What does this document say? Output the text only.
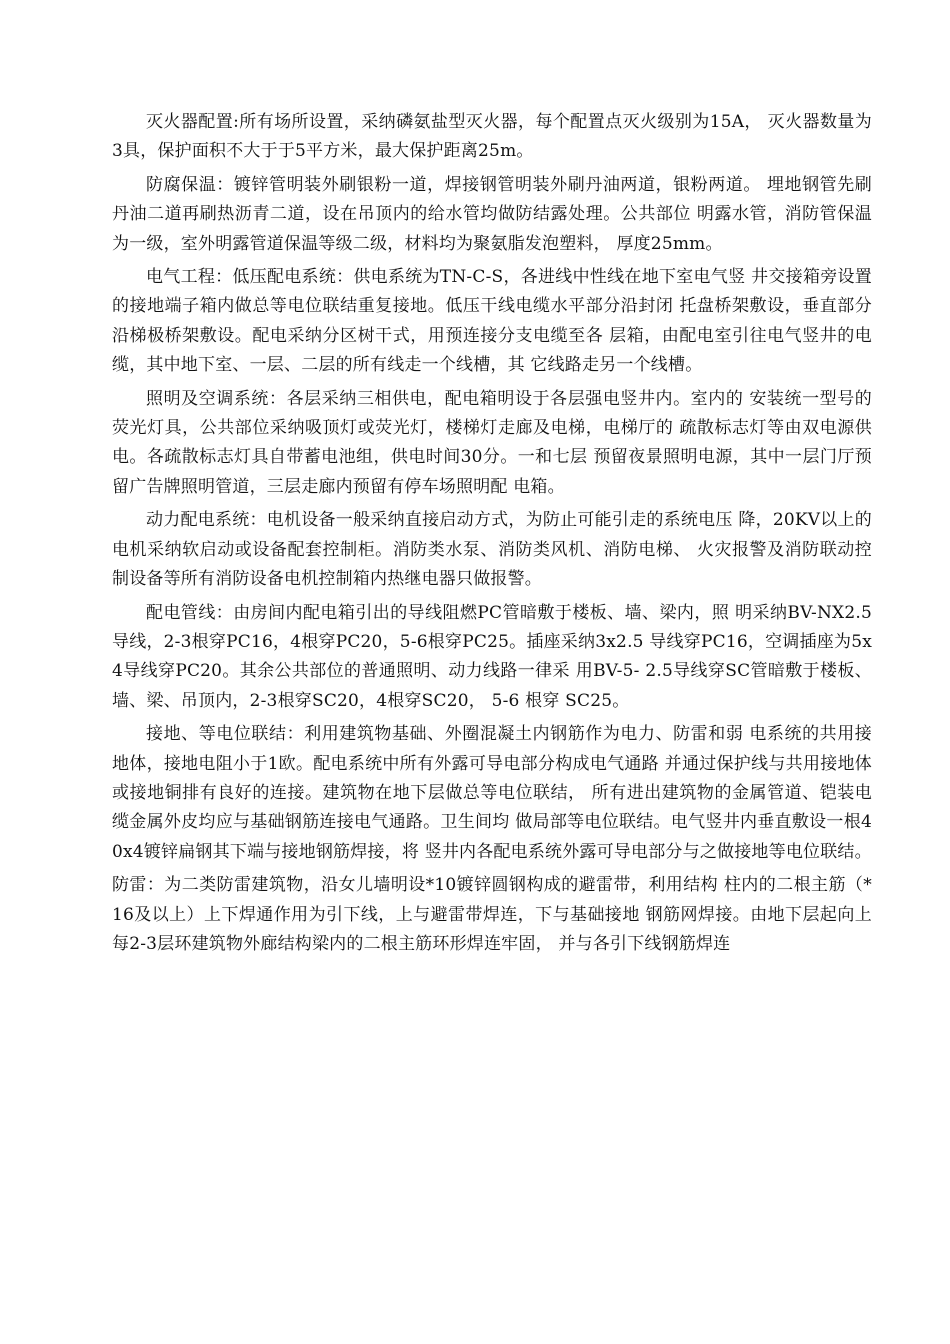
灭火器配置:所有场所设置，采纳磷氨盐型灭火器，每个配置点灭火级别为15A， 灭火器数量为3具，保护面积不大于于5平方米，最大保护距离25m。

防腐保温：镀锌管明装外刷银粉一道，焊接钢管明装外刷丹油两道，银粉两道。 埋地钢管先刷丹油二道再刷热沥青二道，设在吊顶内的给水管均做防结露处理。公共部位 明露水管，消防管保温为一级，室外明露管道保温等级二级，材料均为聚氨脂发泡塑料， 厚度25mm。

电气工程：低压配电系统：供电系统为TN-C-S，各进线中性线在地下室电气竖 井交接箱旁设置的接地端子箱内做总等电位联结重复接地。低压干线电缆水平部分沿封闭 托盘桥架敷设，垂直部分沿梯极桥架敷设。配电采纳分区树干式，用预连接分支电缆至各 层箱，由配电室引往电气竖井的电缆，其中地下室、一层、二层的所有线走一个线槽，其 它线路走另一个线槽。

照明及空调系统：各层采纳三相供电，配电箱明设于各层强电竖井内。室内的 安装统一型号的荧光灯具，公共部位采纳吸顶灯或荧光灯，楼梯灯走廊及电梯，电梯厅的 疏散标志灯等由双电源供电。各疏散标志灯具自带蓄电池组，供电时间30分。一和七层 预留夜景照明电源，其中一层门厅预留广告牌照明管道，三层走廊内预留有停车场照明配 电箱。

动力配电系统：电机设备一般采纳直接启动方式，为防止可能引走的系统电压 降，20KV以上的电机采纳软启动或设备配套控制柜。消防类水泵、消防类风机、消防电梯、 火灾报警及消防联动控制设备等所有消防设备电机控制箱内热继电器只做报警。

配电管线：由房间内配电箱引出的导线阻燃PC管暗敷于楼板、墙、梁内，照 明采纳BV-NX2.5导线，2-3根穿PC16，4根穿PC20，5-6根穿PC25。插座采纳3x2.5 导线穿PC16，空调插座为5x4导线穿PC20。其余公共部位的普通照明、动力线路一律采 用BV-5- 2.5导线穿SC管暗敷于楼板、墙、梁、吊顶内，2-3根穿SC20，4根穿SC20， 5-6 根穿 SC25。

接地、等电位联结：利用建筑物基础、外圈混凝土内钢筋作为电力、防雷和弱 电系统的共用接地体，接地电阻小于1欧。配电系统中所有外露可导电部分构成电气通路 并通过保护线与共用接地体或接地铜排有良好的连接。建筑物在地下层做总等电位联结， 所有进出建筑物的金属管道、铠装电缆金属外皮均应与基础钢筋连接电气通路。卫生间均 做局部等电位联结。电气竖井内垂直敷设一根40x4镀锌扁钢其下端与接地钢筋焊接，将 竖井内各配电系统外露可导电部分与之做接地等电位联结。

防雷：为二类防雷建筑物，沿女儿墙明设*10镀锌圆钢构成的避雷带，利用结构 柱内的二根主筋（*16及以上）上下焊通作用为引下线，上与避雷带焊连，下与基础接地 钢筋网焊接。由地下层起向上每2-3层环建筑物外廊结构梁内的二根主筋环形焊连牢固， 并与各引下线钢筋焊连
